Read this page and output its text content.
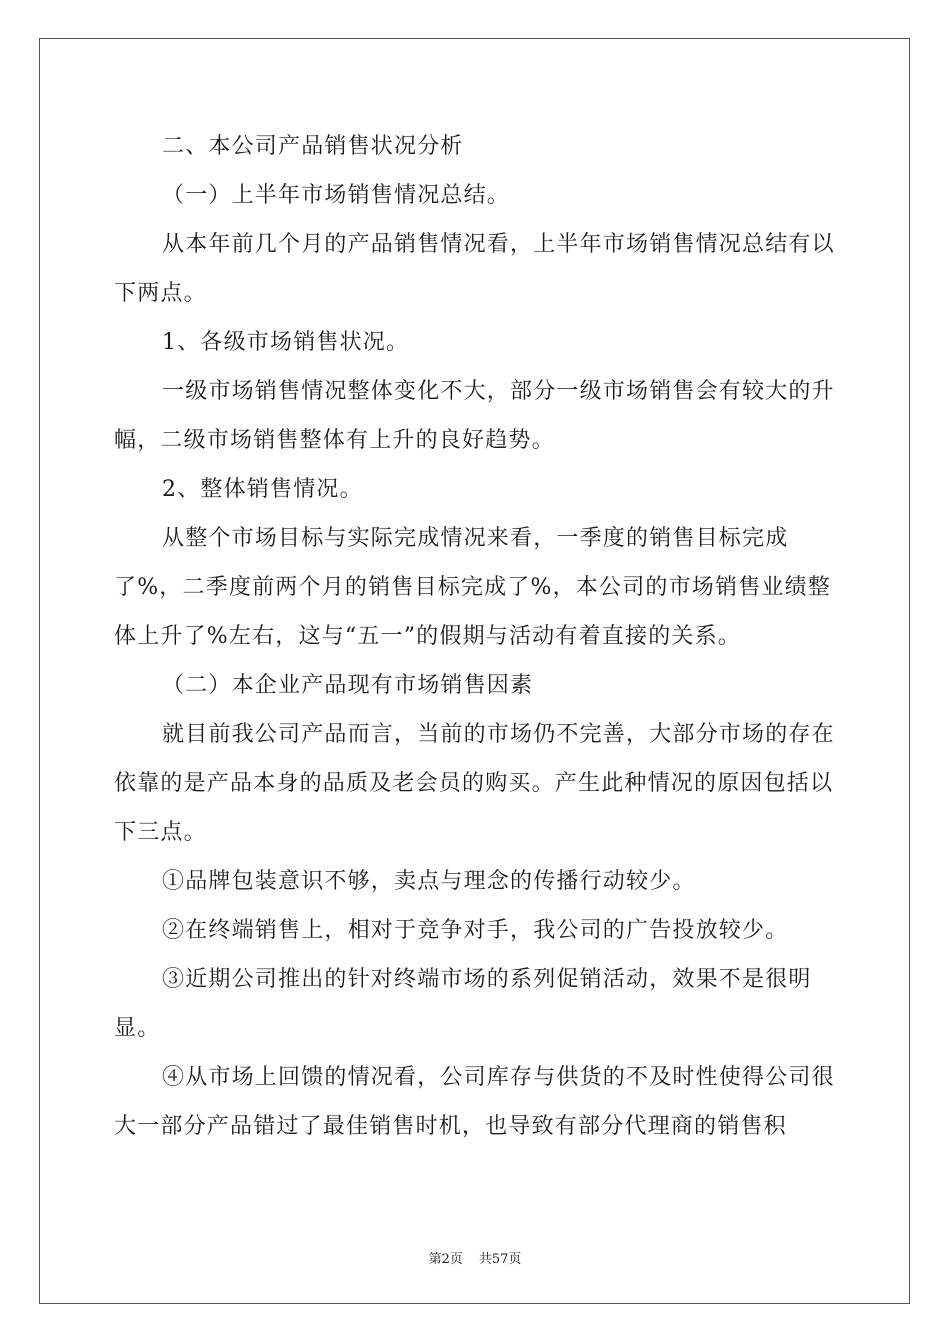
二、本公司产品销售状况分析

（一）上半年市场销售情况总结。

从本年前几个月的产品销售情况看，上半年市场销售情况总结有以下两点。

1、各级市场销售状况。

一级市场销售情况整体变化不大，部分一级市场销售会有较大的升幅，二级市场销售整体有上升的良好趋势。

2、整体销售情况。

从整个市场目标与实际完成情况来看，一季度的销售目标完成了%，二季度前两个月的销售目标完成了%，本公司的市场销售业绩整体上升了%左右，这与“五一”的假期与活动有着直接的关系。

（二）本企业产品现有市场销售因素

就目前我公司产品而言，当前的市场仍不完善，大部分市场的存在依靠的是产品本身的品质及老会员的购买。产生此种情况的原因包括以下三点。

①品牌包装意识不够，卖点与理念的传播行动较少。

②在终端销售上，相对于竞争对手，我公司的广告投放较少。

③近期公司推出的针对终端市场的系列促销活动，效果不是很明显。

④从市场上回馈的情况看，公司库存与供货的不及时性使得公司很大一部分产品错过了最佳销售时机，也导致有部分代理商的销售积

第2页 共57页
